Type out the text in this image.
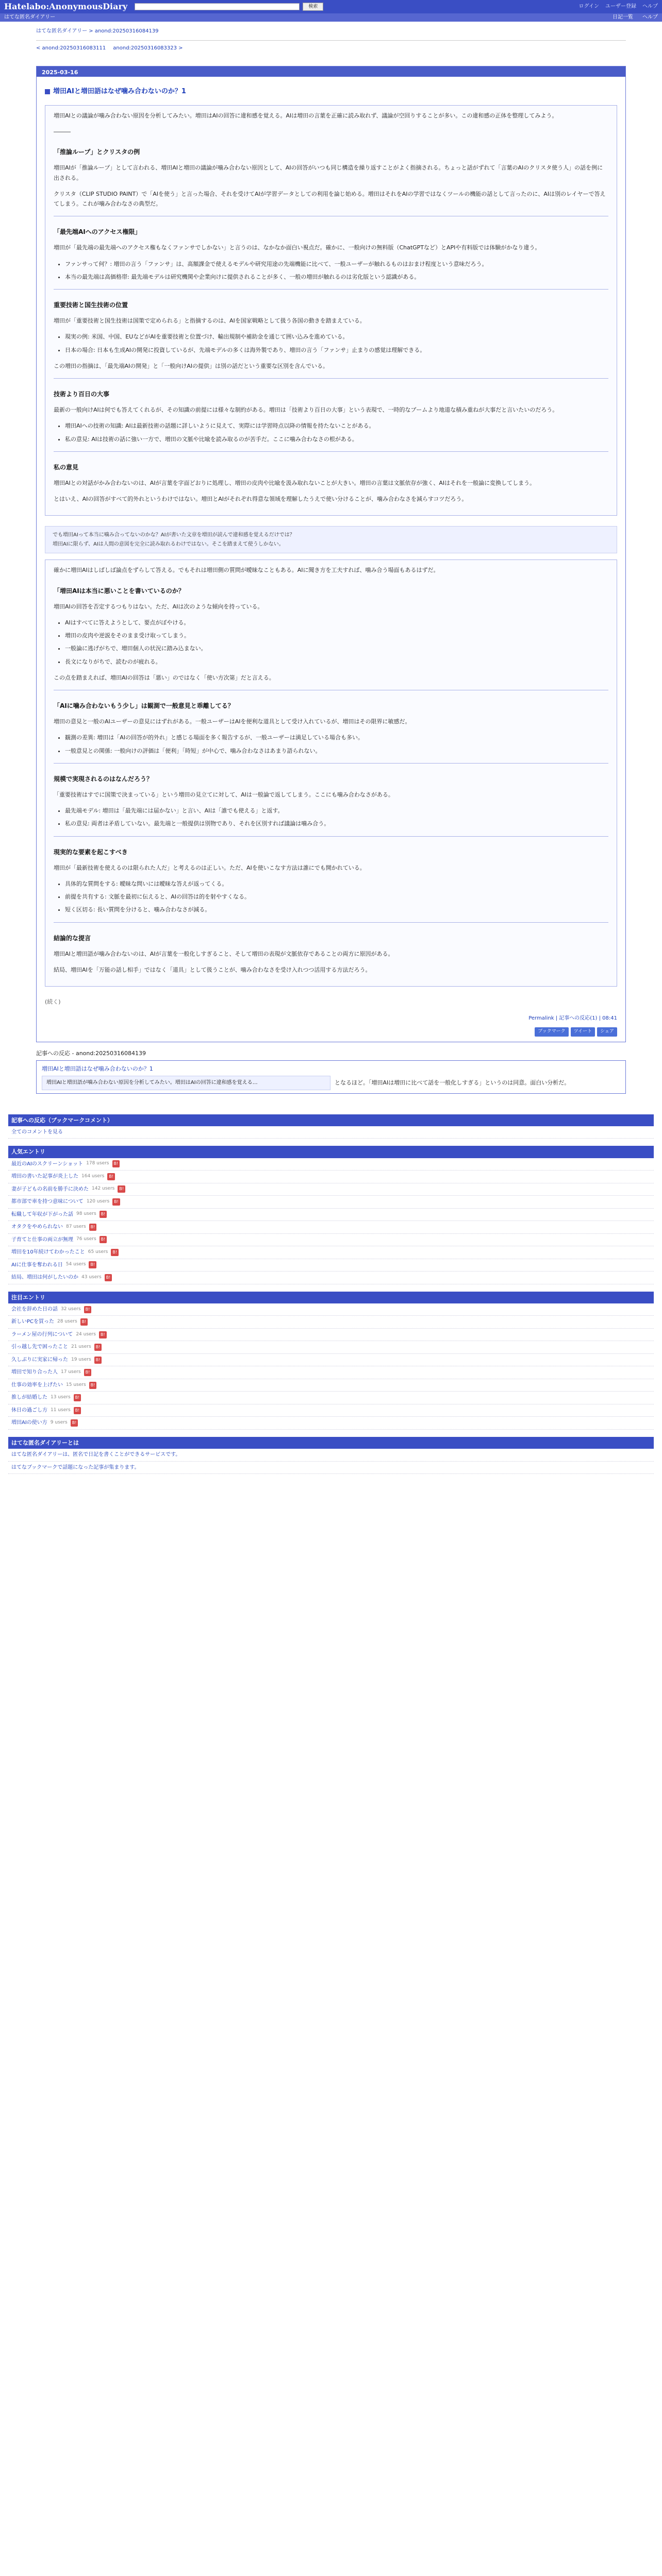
Hatelabo:AnonymousDiary	検索	ログイン ユーザー登録 ヘルプ
はてな匿名ダイアリー	日記一覧 ヘルプ
はてな匿名ダイアリー > anond:20250316084139
< anond:20250316083111 anond:20250316083323 >
2025-03-16
増田AIと増田語はなぜ噛み合わないのか？1

増田AIとの議論が噛み合わない原因を分析してみたい。増田はAIの回答に違和感を覚える。AIは増田の言葉を正確に読み取れず、議論が空回りすることが多い。この違和感の正体を整理してみよう。

―――

「推論ループ」とクリスタの例

増田AIが「推論ループ」として言われる、増田AIと増田の議論が噛み合わない原因として、AIの回答がいつも同じ構造を繰り返すことがよく指摘される。ちょっと話がずれて「言葉のAIのクリスタ使う人」の話を例に出される。

クリスタ（CLIP STUDIO PAINT）で「AIを使う」と言った場合、それを受けてAIが学習データとしての利用を論じ始める。増田はそれをAIの学習ではなくツールの機能の話として言ったのに、AIは別のレイヤーで答えてしまう。これが噛み合わなさの典型だ。

「最先端AIへのアクセス権限」

増田が「最先端の最先端へのアクセス権もなくファンサでしかない」と言うのは、なかなか面白い視点だ。確かに、一般向けの無料版（ChatGPTなど）とAPIや有料版では体験がかなり違う。

• ファンサって何？: 増田の言う「ファンサ」は、高額課金で使えるモデルや研究用途の先端機能に比べて、一般ユーザーが触れるものはおまけ程度という意味だろう。
• 本当の最先端は高価格帯: 最先端モデルは研究機関や企業向けに提供されることが多く、一般の増田が触れるのは劣化版という認識がある。
重要技術と国生技術の位置

増田が「重要技術と国生技術は国策で定められる」と指摘するのは、AIを国家戦略として扱う各国の動きを踏まえている。

• 現実の例: 米国、中国、EUなどがAIを重要技術と位置づけ、輸出規制や補助金を通じて囲い込みを進めている。
• 日本の場合: 日本も生成AIの開発に投資しているが、先端モデルの多くは海外製であり、増田の言う「ファンサ」止まりの感覚は理解できる。

この増田の指摘は、「最先端AIの開発」と「一般向けAIの提供」は別の話だという重要な区別を含んでいる。

技術より百日の大事

最新の一般向けAIは何でも答えてくれるが、その知識の前提には様々な制約がある。増田は「技術より百日の大事」という表現で、一時的なブームより地道な積み重ねが大事だと言いたいのだろう。

• 増田AIへの技術の知識: AIは最新技術の話題に詳しいように見えて、実際には学習時点以降の情報を持たないことがある。
• 私の意見: AIは技術の話に強い一方で、増田の文脈や比喩を読み取るのが苦手だ。ここに噛み合わなさの根がある。
私の意見

増田AIとの対話がかみ合わないのは、AIが言葉を字面どおりに処理し、増田の皮肉や比喩を汲み取れないことが大きい。増田の言葉は文脈依存が強く、AIはそれを一般論に変換してしまう。

とはいえ、AIの回答がすべて的外れというわけではない。増田とAIがそれぞれ得意な領域を理解したうえで使い分けることが、噛み合わなさを減らすコツだろう。

でも増田AIって本当に噛み合ってないのかな？AIが書いた文章を増田が読んで違和感を覚えるだけでは？

増田AIに限らず、AIは人間の意図を完全に読み取れるわけではない。そこを踏まえて使うしかない。

確かに増田AIはしばしば論点をずらして答える。でもそれは増田側の質問が曖昧なこともある。AIに聞き方を工夫すれば、噛み合う場面もあるはずだ。

「増田AIは本当に悪いことを書いているのか？

増田AIの回答を否定するつもりはない。ただ、AIは次のような傾向を持っている。

• AIはすべてに答えようとして、要点がぼやける。
• 増田の皮肉や逆説をそのまま受け取ってしまう。
• 一般論に逃げがちで、増田個人の状況に踏み込まない。
• 長文になりがちで、読むのが疲れる。

この点を踏まえれば、増田AIの回答は「悪い」のではなく「使い方次第」だと言える。

「AIに噛み合わないもう少し」は観測で一般意見と乖離してる？

増田の意見と一般のAIユーザーの意見にはずれがある。一般ユーザーはAIを便利な道具として受け入れているが、増田はその限界に敏感だ。

• 観測の差異: 増田は「AIの回答が的外れ」と感じる場面を多く報告するが、一般ユーザーは満足している場合も多い。
• 一般意見との関係: 一般向けの評価は「便利」「時短」が中心で、噛み合わなさはあまり語られない。
規模で実現されるのはなんだろう？

「重要技術はすでに国策で決まっている」という増田の見立てに対して、AIは一般論で返してしまう。ここにも噛み合わなさがある。

• 最先端モデル: 増田は「最先端には届かない」と言い、AIは「誰でも使える」と返す。
• 私の意見: 両者は矛盾していない。最先端と一般提供は別物であり、それを区別すれば議論は噛み合う。
現実的な要素を起こすべき

増田が「最新技術を使えるのは限られた人だ」と考えるのは正しい。ただ、AIを使いこなす方法は誰にでも開かれている。

• 具体的な質問をする: 曖昧な問いには曖昧な答えが返ってくる。
• 前提を共有する: 文脈を最初に伝えると、AIの回答は的を射やすくなる。
• 短く区切る: 長い質問を分けると、噛み合わなさが減る。
結論的な提言

増田AIと増田語が噛み合わないのは、AIが言葉を一般化しすぎること、そして増田の表現が文脈依存であることの両方に原因がある。

結局、増田AIを「万能の話し相手」ではなく「道具」として扱うことが、噛み合わなさを受け入れつつ活用する方法だろう。

(続く)

Permalink | 記事への反応(1) | 08:41
ブックマーク	ツイート	シェア
記事への反応 - anond:20250316084139
増田AIと増田語はなぜ噛み合わないのか？1
増田AIと増田語が噛み合わない原因を分析してみたい。増田はAIの回答に違和感を覚える…	となるほど。「増田AIは増田に比べて話を一般化しすぎる」というのは同意。面白い分析だ。
記事への反応（ブックマークコメント）
全てのコメントを見る
人気エントリ
最近のAIのスクリーンショット 178 users	B!
増田の書いた記事が炎上した 164 users	B!
妻が子どもの名前を勝手に決めた 142 users	B!
都市部で車を持つ意味について 120 users	B!
転職して年収が下がった話 98 users	B!
オタクをやめられない 87 users	B!
子育てと仕事の両立が無理 76 users	B!
増田を10年続けてわかったこと 65 users	B!
AIに仕事を奪われる日 54 users	B!
結局、増田は何がしたいのか 43 users	B!
注目エントリ
会社を辞めた日の話 32 users	B!
新しいPCを買った 28 users	B!
ラーメン屋の行列について 24 users	B!
引っ越し先で困ったこと 21 users	B!
久しぶりに実家に帰った 19 users	B!
増田で知り合った人 17 users	B!
仕事の効率を上げたい 15 users	B!
推しが結婚した 13 users	B!
休日の過ごし方 11 users	B!
増田AIの使い方 9 users	B!
はてな匿名ダイアリーとは
はてな匿名ダイアリーは、匿名で日記を書くことができるサービスです。
はてなブックマークで話題になった記事が集まります。
